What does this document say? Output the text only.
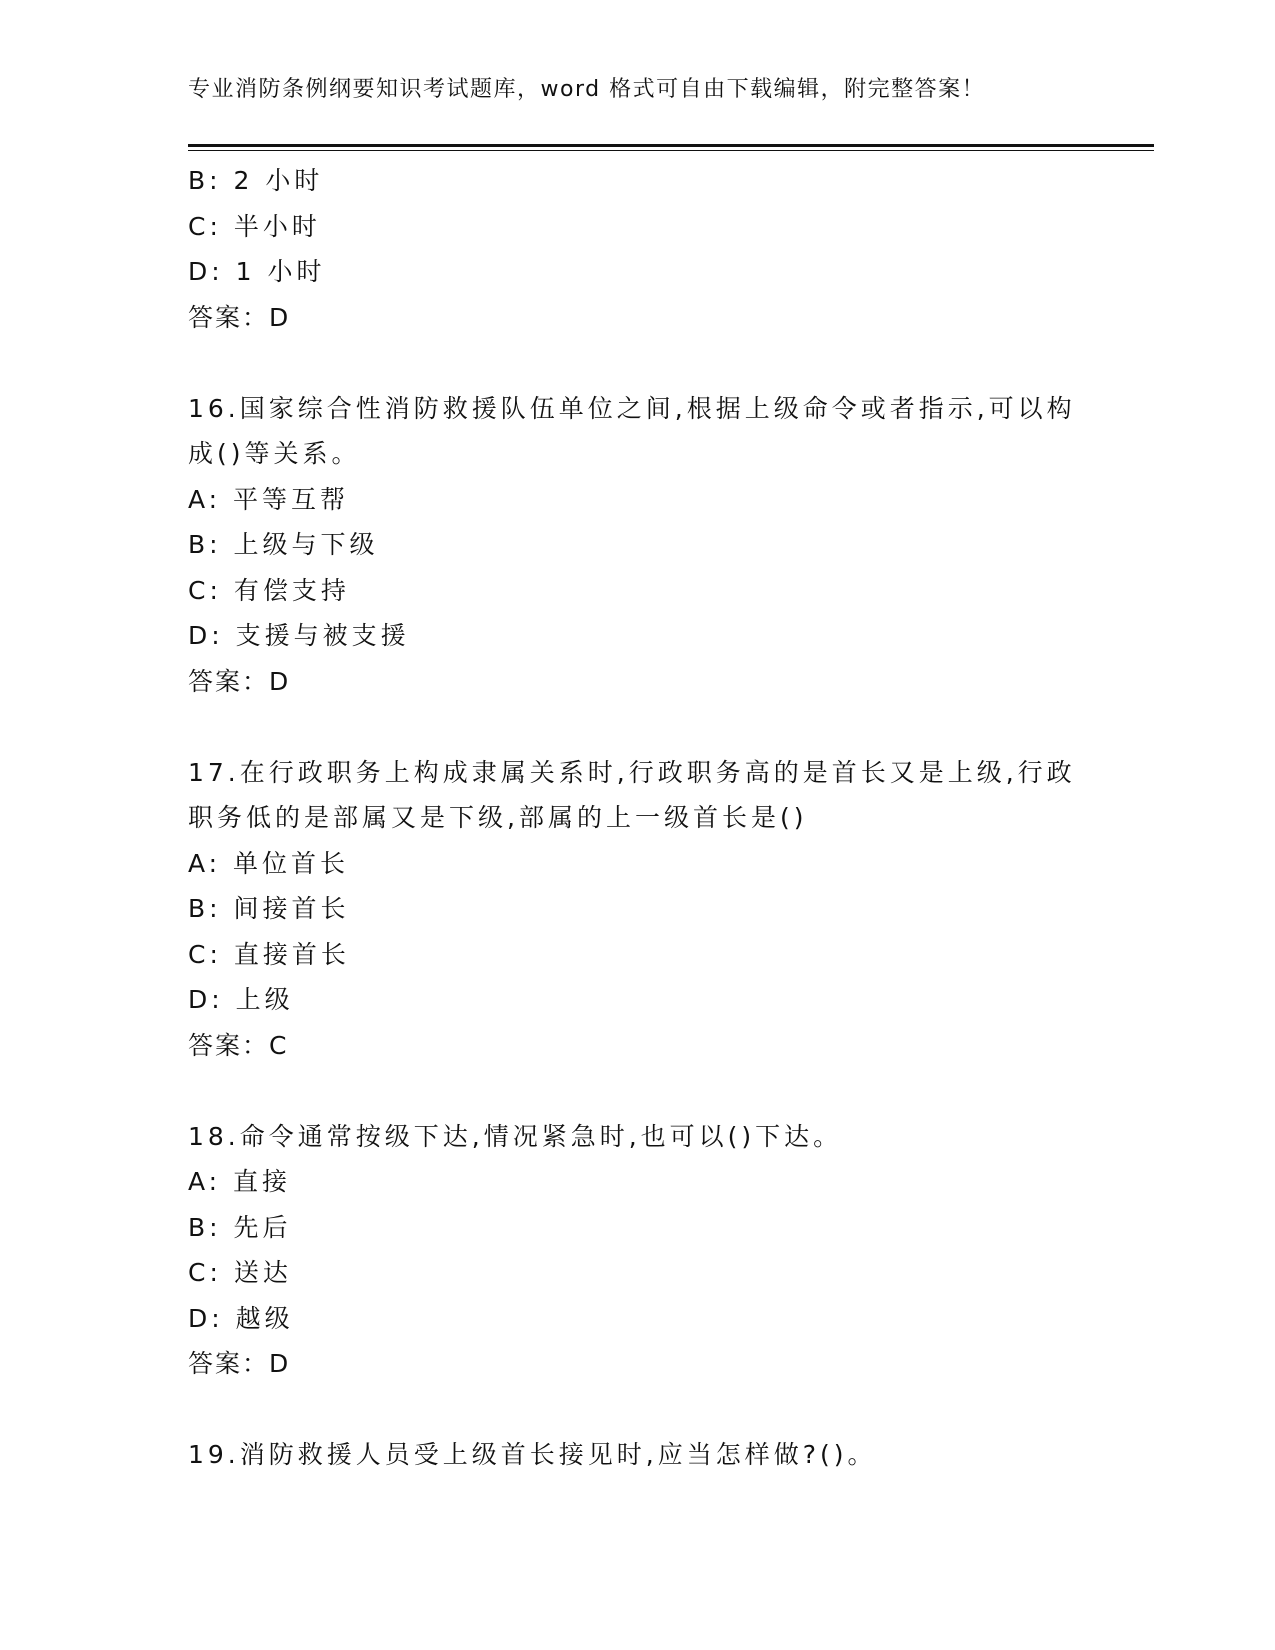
专业消防条例纲要知识考试题库，word 格式可自由下载编辑，附完整答案！
B: 2 小时
C: 半小时
D: 1 小时
答案：D
16.国家综合性消防救援队伍单位之间,根据上级命令或者指示,可以构
成()等关系。
A: 平等互帮
B: 上级与下级
C: 有偿支持
D: 支援与被支援
答案：D
17.在行政职务上构成隶属关系时,行政职务高的是首长又是上级,行政
职务低的是部属又是下级,部属的上一级首长是()
A: 单位首长
B: 间接首长
C: 直接首长
D: 上级
答案：C
18.命令通常按级下达,情况紧急时,也可以()下达。
A: 直接
B: 先后
C: 送达
D: 越级
答案：D
19.消防救援人员受上级首长接见时,应当怎样做?()。
